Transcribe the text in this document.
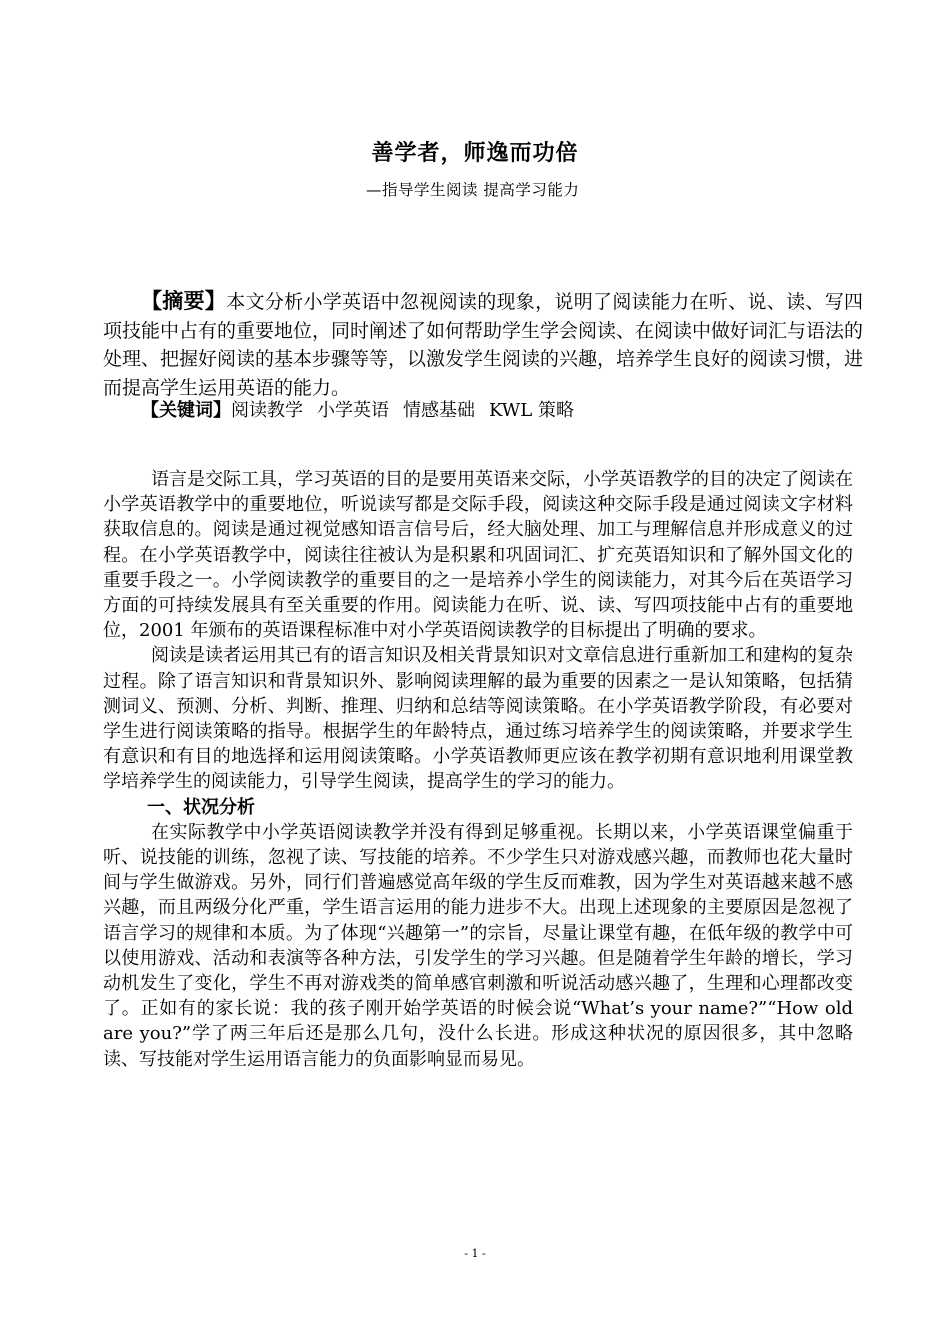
善学者，师逸而功倍
—指导学生阅读 提高学习能力

【摘要】本文分析小学英语中忽视阅读的现象，说明了阅读能力在听、说、读、写四项技能中占有的重要地位，同时阐述了如何帮助学生学会阅读、在阅读中做好词汇与语法的处理、把握好阅读的基本步骤等等，以激发学生阅读的兴趣，培养学生良好的阅读习惯，进而提高学生运用英语的能力。

【关键词】阅读教学 小学英语 情感基础 KWL 策略

语言是交际工具，学习英语的目的是要用英语来交际，小学英语教学的目的决定了阅读在小学英语教学中的重要地位，听说读写都是交际手段，阅读这种交际手段是通过阅读文字材料获取信息的。阅读是通过视觉感知语言信号后，经大脑处理、加工与理解信息并形成意义的过程。在小学英语教学中，阅读往往被认为是积累和巩固词汇、扩充英语知识和了解外国文化的重要手段之一。小学阅读教学的重要目的之一是培养小学生的阅读能力，对其今后在英语学习方面的可持续发展具有至关重要的作用。阅读能力在听、说、读、写四项技能中占有的重要地位，2001 年颁布的英语课程标准中对小学英语阅读教学的目标提出了明确的要求。

阅读是读者运用其已有的语言知识及相关背景知识对文章信息进行重新加工和建构的复杂过程。除了语言知识和背景知识外、影响阅读理解的最为重要的因素之一是认知策略，包括猜测词义、预测、分析、判断、推理、归纳和总结等阅读策略。在小学英语教学阶段，有必要对学生进行阅读策略的指导。根据学生的年龄特点，通过练习培养学生的阅读策略，并要求学生有意识和有目的地选择和运用阅读策略。小学英语教师更应该在教学初期有意识地利用课堂教学培养学生的阅读能力，引导学生阅读，提高学生的学习的能力。

一、状况分析

在实际教学中小学英语阅读教学并没有得到足够重视。长期以来，小学英语课堂偏重于听、说技能的训练，忽视了读、写技能的培养。不少学生只对游戏感兴趣，而教师也花大量时间与学生做游戏。另外，同行们普遍感觉高年级的学生反而难教，因为学生对英语越来越不感兴趣，而且两级分化严重，学生语言运用的能力进步不大。出现上述现象的主要原因是忽视了语言学习的规律和本质。为了体现“兴趣第一”的宗旨，尽量让课堂有趣，在低年级的教学中可以使用游戏、活动和表演等各种方法，引发学生的学习兴趣。但是随着学生年龄的增长，学习动机发生了变化，学生不再对游戏类的简单感官刺激和听说活动感兴趣了，生理和心理都改变了。正如有的家长说：我的孩子刚开始学英语的时候会说“What’s your name?”“How old are you?”学了两三年后还是那么几句，没什么长进。形成这种状况的原因很多，其中忽略读、写技能对学生运用语言能力的负面影响显而易见。

- 1 -
